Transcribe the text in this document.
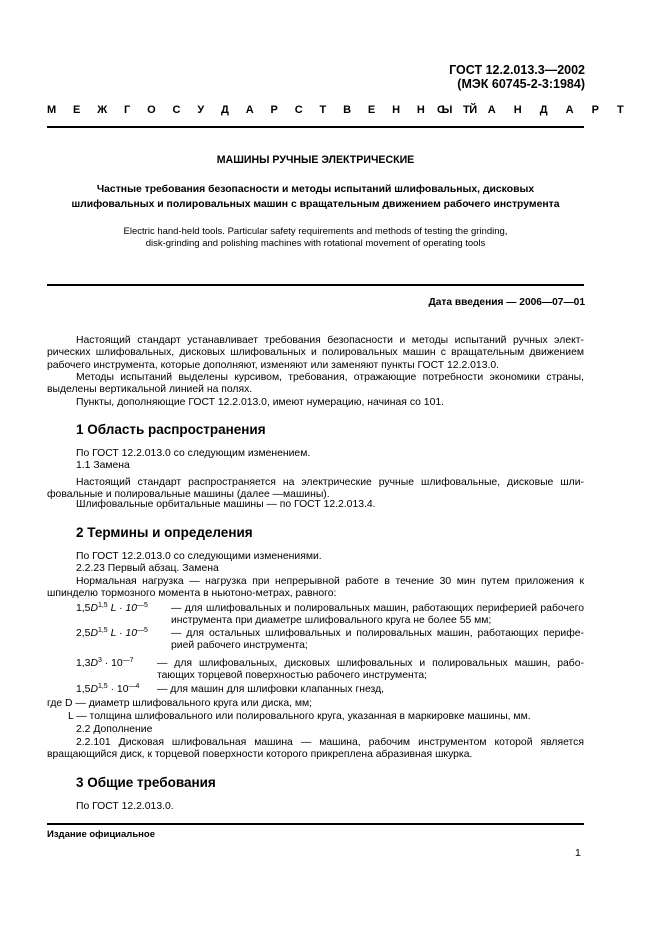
ГОСТ 12.2.013.3—2002
(МЭК 60745-2-3:1984)
М Е Ж Г О С У Д А Р С Т В Е Н Н Ы Й
С Т А Н Д А Р Т
МАШИНЫ РУЧНЫЕ ЭЛЕКТРИЧЕСКИЕ
Частные требования безопасности и методы испытаний шлифовальных, дисковых
шлифовальных и полировальных машин с вращательным движением рабочего инструмента
Electric hand-held tools. Particular safety requirements and methods of testing the grinding,
disk-grinding and polishing machines with rotational movement of operating tools
Дата введения — 2006—07—01
Настоящий стандарт устанавливает требования безопасности и методы испытаний ручных электрических шлифовальных, дисковых шлифовальных и полировальных машин с вращательным движением рабочего инструмента, которые дополняют, изменяют или заменяют пункты ГОСТ 12.2.013.0.
Методы испытаний выделены курсивом, требования, отражающие потребности экономики страны, выделены вертикальной линией на полях.
Пункты, дополняющие ГОСТ 12.2.013.0, имеют нумерацию, начиная со 101.
1 Область распространения
По ГОСТ 12.2.013.0 со следующим изменением.
1.1 Замена
Настоящий стандарт распространяется на электрические ручные шлифовальные, дисковые шлифовальные и полировальные машины (далее —машины).
Шлифовальные орбитальные машины — по ГОСТ 12.2.013.4.
2 Термины и определения
По ГОСТ 12.2.013.0 со следующими изменениями.
2.2.23 Первый абзац. Замена
Нормальная нагрузка — нагрузка при непрерывной работе в течение 30 мин путем приложения к шпинделю тормозного момента в ньютоно-метрах, равного:
$1,5D^{1,5}$ $L \cdot 10^{—5}$ — для шлифовальных и полировальных машин, работающих периферией рабочего инструмента при диаметре шлифовального круга не более 55 мм;
$2,5D^{1,5}$ $L \cdot 10^{—5}$ — для остальных шлифовальных и полировальных машин, работающих периферией рабочего инструмента;
$1,3D^3 \cdot 10^{—7}$ — для шлифовальных, дисковых шлифовальных и полировальных машин, работающих торцевой поверхностью рабочего инструмента;
$1,5D^{1,5} \cdot 10^{—4}$ — для машин для шлифовки клапанных гнезд,
где D — диаметр шлифовального круга или диска, мм;
L — толщина шлифовального или полировального круга, указанная в маркировке машины, мм.
2.2 Дополнение
2.2.101 Дисковая шлифовальная машина — машина, рабочим инструментом которой является вращающийся диск, к торцевой поверхности которого прикреплена абразивная шкурка.
3 Общие требования
По ГОСТ 12.2.013.0.
Издание официальное
1
